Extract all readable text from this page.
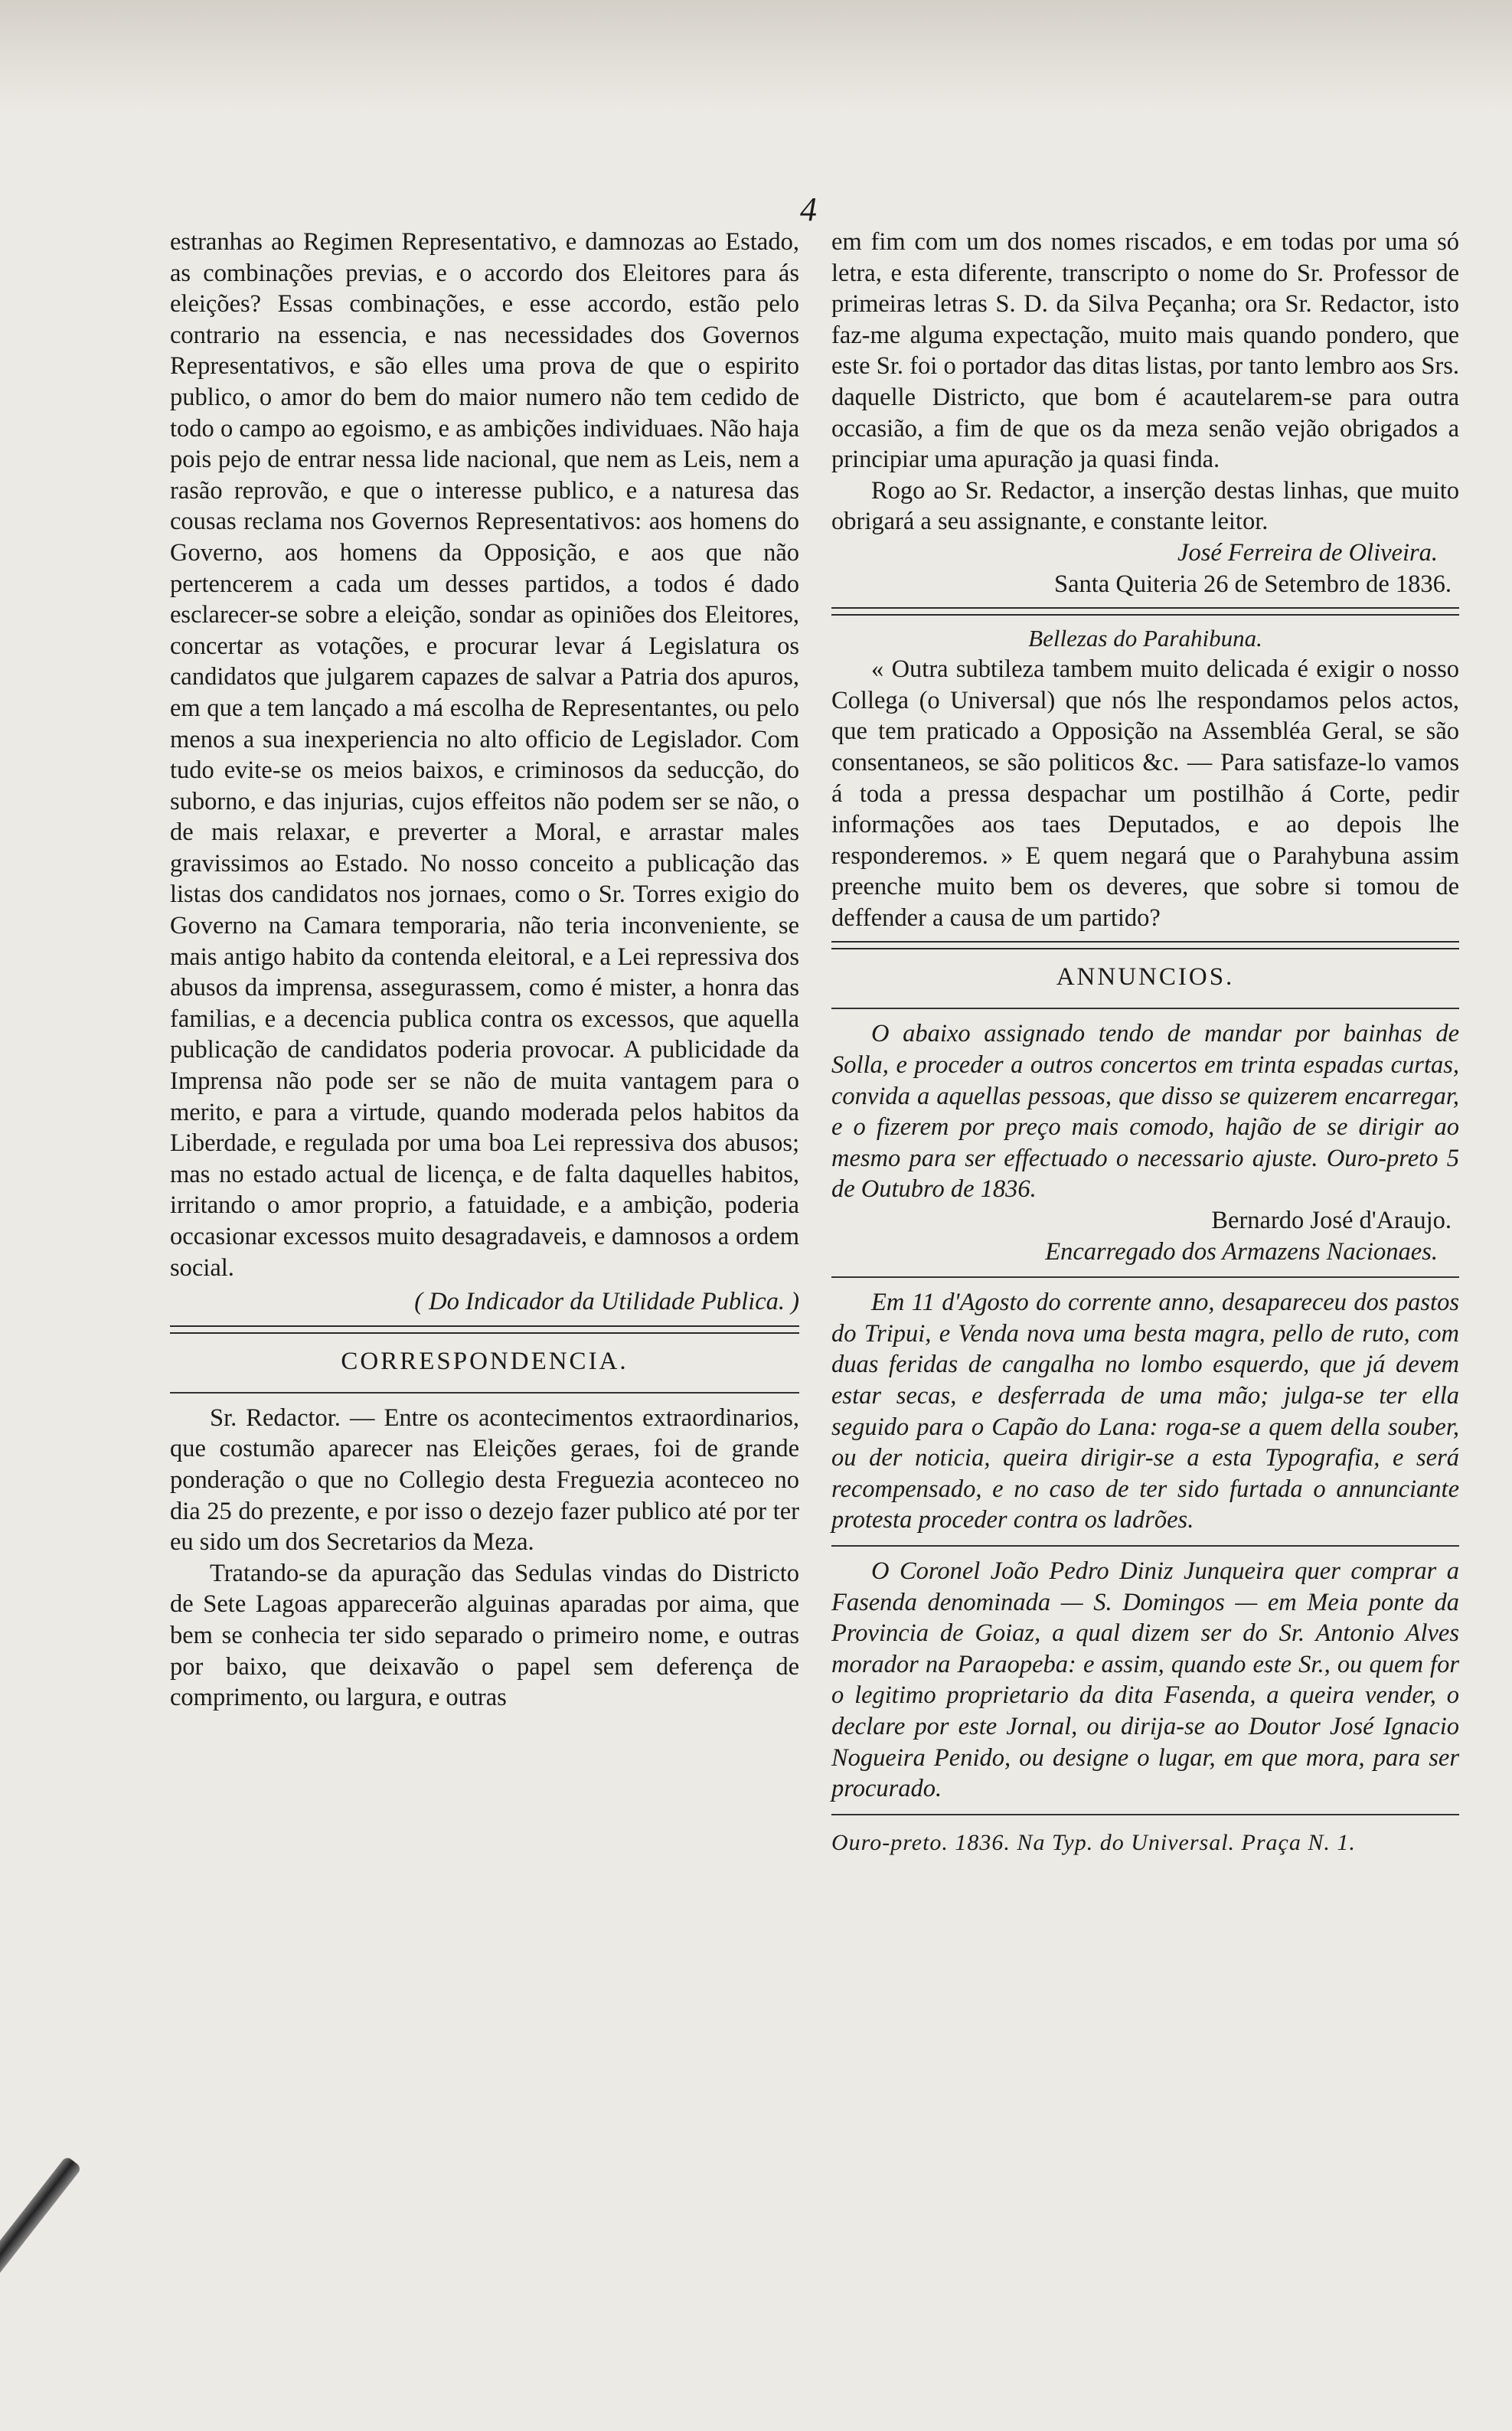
4

estranhas ao Regimen Representativo, e damnozas ao Estado, as combinações previas, e o accordo dos Eleitores para ás eleições? Essas combinações, e esse accordo, estão pelo contrario na essencia, e nas necessidades dos Governos Representativos, e são elles uma prova de que o espirito publico, o amor do bem do maior numero não tem cedido de todo o campo ao egoismo, e as ambições individuaes. Não haja pois pejo de entrar nessa lide nacional, que nem as Leis, nem a rasão reprovão, e que o interesse publico, e a naturesa das cousas reclama nos Governos Representativos: aos homens do Governo, aos homens da Opposição, e aos que não pertencerem a cada um desses partidos, a todos é dado esclarecer-se sobre a eleição, sondar as opiniões dos Eleitores, concertar as votações, e procurar levar á Legislatura os candidatos que julgarem capazes de salvar a Patria dos apuros, em que a tem lançado a má escolha de Representantes, ou pelo menos a sua inexperiencia no alto officio de Legislador. Com tudo evite-se os meios baixos, e criminosos da seducção, do suborno, e das injurias, cujos effeitos não podem ser se não, o de mais relaxar, e preverter a Moral, e arrastar males gravissimos ao Estado. No nosso conceito a publicação das listas dos candidatos nos jornaes, como o Sr. Torres exigio do Governo na Camara temporaria, não teria inconveniente, se mais antigo habito da contenda eleitoral, e a Lei repressiva dos abusos da imprensa, assegurassem, como é mister, a honra das familias, e a decencia publica contra os excessos, que aquella publicação de candidatos poderia provocar. A publicidade da Imprensa não pode ser se não de muita vantagem para o merito, e para a virtude, quando moderada pelos habitos da Liberdade, e regulada por uma boa Lei repressiva dos abusos; mas no estado actual de licença, e de falta daquelles habitos, irritando o amor proprio, a fatuidade, e a ambição, poderia occasionar excessos muito desagradaveis, e damnosos a ordem social.

( Do Indicador da Utilidade Publica. )
CORRESPONDENCIA.

Sr. Redactor. — Entre os acontecimentos extraordinarios, que costumão aparecer nas Eleições geraes, foi de grande ponderação o que no Collegio desta Freguezia aconteceo no dia 25 do prezente, e por isso o dezejo fazer publico até por ter eu sido um dos Secretarios da Meza.

Tratando-se da apuração das Sedulas vindas do Districto de Sete Lagoas apparecerão alguinas aparadas por aima, que bem se conhecia ter sido separado o primeiro nome, e outras por baixo, que deixavão o papel sem deferença de comprimento, ou largura, e outras

em fim com um dos nomes riscados, e em todas por uma só letra, e esta diferente, transcripto o nome do Sr. Professor de primeiras letras S. D. da Silva Peçanha; ora Sr. Redactor, isto faz-me alguma expectação, muito mais quando pondero, que este Sr. foi o portador das ditas listas, por tanto lembro aos Srs. daquelle Districto, que bom é acautelarem-se para outra occasião, a fim de que os da meza senão vejão obrigados a principiar uma apuração ja quasi finda.

Rogo ao Sr. Redactor, a inserção destas linhas, que muito obrigará a seu assignante, e constante leitor.

José Ferreira de Oliveira.

Santa Quiteria 26 de Setembro de 1836.

Bellezas do Parahibuna.

« Outra subtileza tambem muito delicada é exigir o nosso Collega (o Universal) que nós lhe respondamos pelos actos, que tem praticado a Opposição na Assembléa Geral, se são consentaneos, se são politicos &c. — Para satisfaze-lo vamos á toda a pressa despachar um postilhão á Corte, pedir informações aos taes Deputados, e ao depois lhe responderemos. » E quem negará que o Parahybuna assim preenche muito bem os deveres, que sobre si tomou de deffender a causa de um partido?

ANNUNCIOS.

O abaixo assignado tendo de mandar por bainhas de Solla, e proceder a outros concertos em trinta espadas curtas, convida a aquellas pessoas, que disso se quizerem encarregar, e o fizerem por preço mais comodo, hajão de se dirigir ao mesmo para ser effectuado o necessario ajuste. Ouro-preto 5 de Outubro de 1836.

Bernardo José d'Araujo.

Encarregado dos Armazens Nacionaes.

Em 11 d'Agosto do corrente anno, desapareceu dos pastos do Tripui, e Venda nova uma besta magra, pello de ruto, com duas feridas de cangalha no lombo esquerdo, que já devem estar secas, e desferrada de uma mão; julga-se ter ella seguido para o Capão do Lana: roga-se a quem della souber, ou der noticia, queira dirigir-se a esta Typografia, e será recompensado, e no caso de ter sido furtada o annunciante protesta proceder contra os ladrões.

O Coronel João Pedro Diniz Junqueira quer comprar a Fasenda denominada — S. Domingos — em Meia ponte da Provincia de Goiaz, a qual dizem ser do Sr. Antonio Alves morador na Paraopeba: e assim, quando este Sr., ou quem for o legitimo proprietario da dita Fasenda, a queira vender, o declare por este Jornal, ou dirija-se ao Doutor José Ignacio Nogueira Penido, ou designe o lugar, em que mora, para ser procurado.

Ouro-preto. 1836. Na Typ. do Universal. Praça N. 1.
